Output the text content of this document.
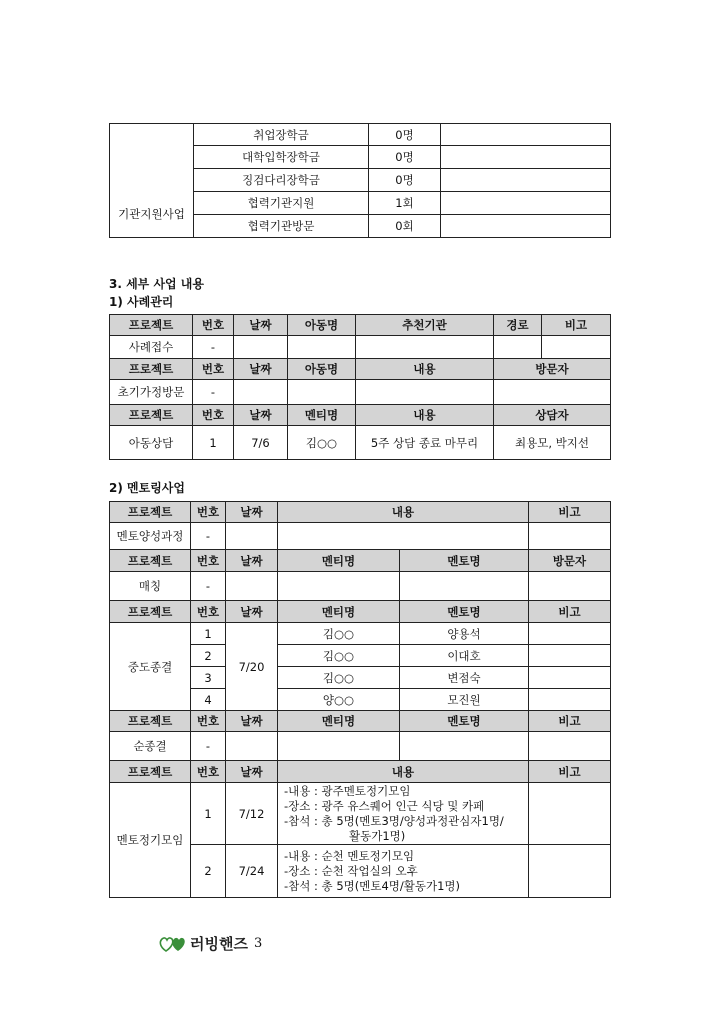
	취업장학금	0명	
	대학입학장학금	0명	
	징검다리장학금	0명	
기관지원사업	협력기관지원	1회	
	협력기관방문	0회	
3. 세부 사업 내용
1) 사례관리
프로젝트	번호	날짜	아동명	추천기관	경로	비고
사례접수	-					
프로젝트	번호	날짜	아동명	내용	방문자	
초기가정방문	-					
프로젝트	번호	날짜	멘티명	내용	상담자	
아동상담	1	7/6	김○○	5주 상담 종료 마무리	최용모, 박지선	
2) 멘토링사업
프로젝트	번호	날짜	내용		비고
멘토양성과정	-				
프로젝트	번호	날짜	멘티명	멘토명	방문자
매칭	-				
프로젝트	번호	날짜	멘티명	멘토명	비고
중도종결	1	7/20	김○○	양용석	
	2		김○○	이대호	
	3		김○○	변점숙	
	4		양○○	모진원	
프로젝트	번호	날짜	멘티명	멘토명	비고
순종결	-				
프로젝트	번호	날짜	내용		비고
멘토정기모임	1	7/12	-내용 : 광주멘토정기모임
-장소 : 광주 유스퀘어 인근 식당 및 카페
-참석 : 총 5명(멘토3명/양성과정관심자1명/
활동가1명)		

	2	7/24	-내용 : 순천 멘토정기모임
-장소 : 순천 작업실의 오후
-참석 : 총 5명(멘토4명/활동가1명)		

러빙핸즈 3
